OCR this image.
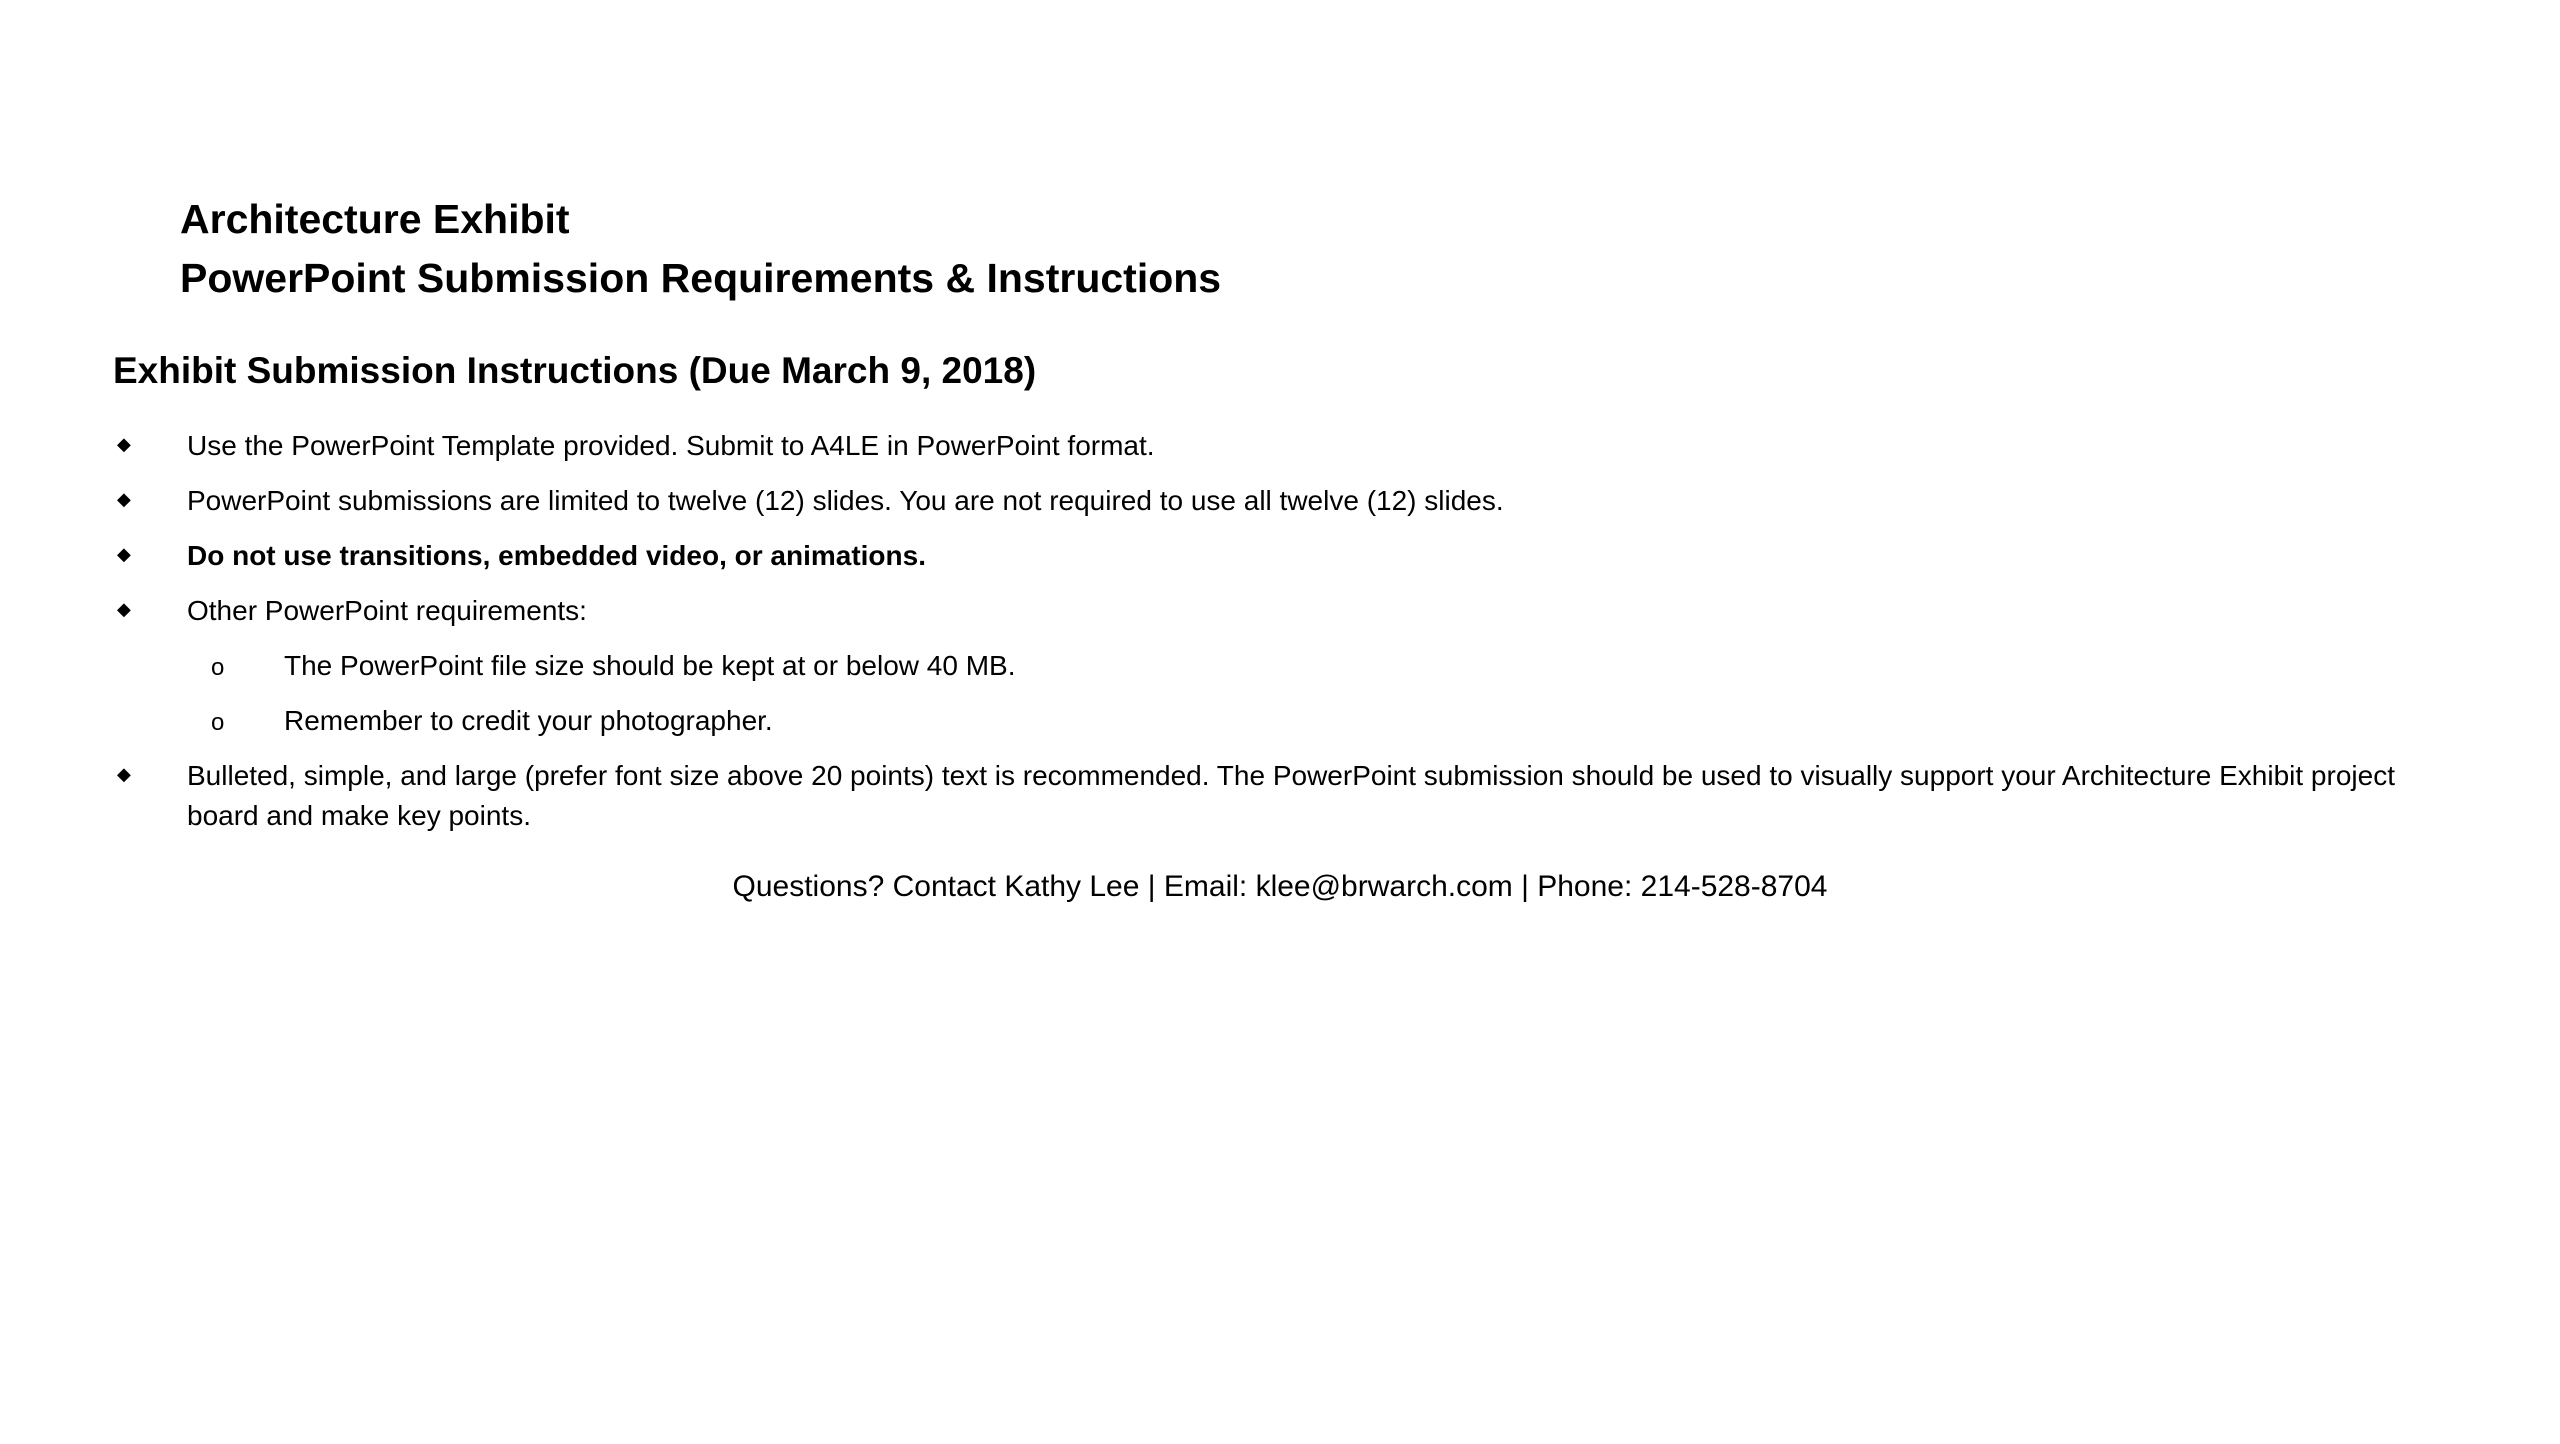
Architecture Exhibit
PowerPoint Submission Requirements & Instructions
Exhibit Submission Instructions (Due March 9, 2018)
◆ Use the PowerPoint Template provided. Submit to A4LE in PowerPoint format.
◆ PowerPoint submissions are limited to twelve (12) slides. You are not required to use all twelve (12) slides.
◆ Do not use transitions, embedded video, or animations.
◆ Other PowerPoint requirements:
o The PowerPoint file size should be kept at or below 40 MB.
o Remember to credit your photographer.
◆ Bulleted, simple, and large (prefer font size above 20 points) text is recommended. The PowerPoint submission should be used to visually support your Architecture Exhibit project board and make key points.
Questions? Contact Kathy Lee | Email: klee@brwarch.com | Phone: 214-528-8704
